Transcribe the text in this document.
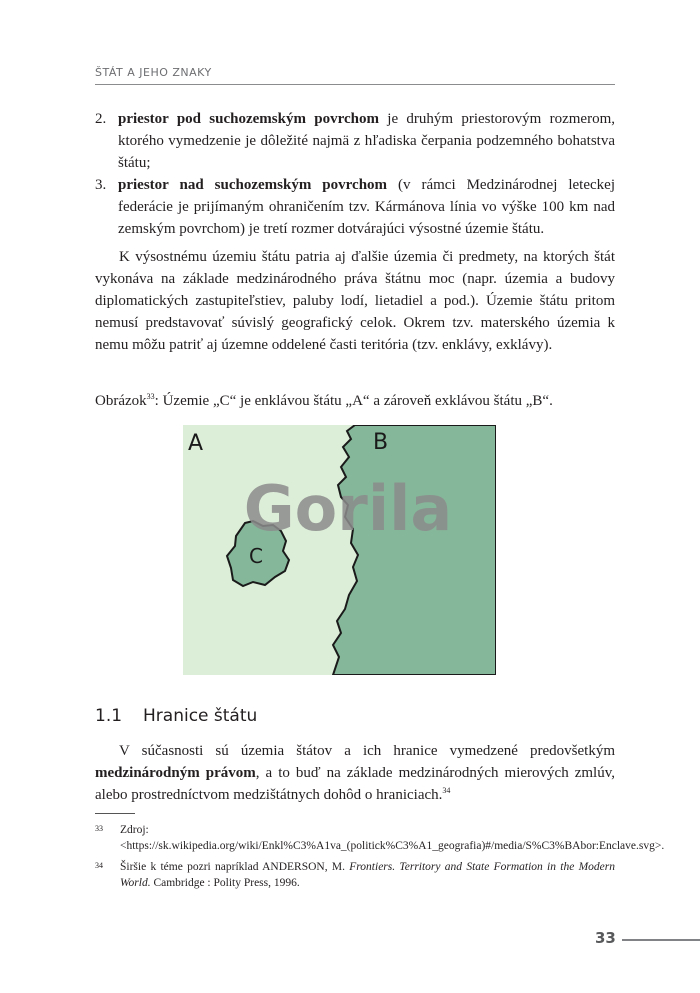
ŠTÁT A JEHO ZNAKY

2. priestor pod suchozemským povrchom je druhým priestorovým rozmerom, ktorého vymedzenie je dôležité najmä z hľadiska čerpania podzemného bohatstva štátu;

3. priestor nad suchozemským povrchom (v rámci Medzinárodnej leteckej federácie je prijímaným ohraničením tzv. Kármánova línia vo výške 100 km nad zemským povrchom) je tretí rozmer dotvárajúci výsostné územie štátu.

K výsostnému územiu štátu patria aj ďalšie územia či predmety, na ktorých štát vykonáva na základe medzinárodného práva štátnu moc (napr. územia a budovy diplomatických zastupiteľstiev, paluby lodí, lietadiel a pod.). Územie štátu pritom nemusí predstavovať súvislý geografický celok. Okrem tzv. materského územia k nemu môžu patriť aj územne oddelené časti teritória (tzv. enklávy, exklávy).

Obrázok$^{33}$: Územie „C“ je enklávou štátu „A“ a zároveň exklávou štátu „B“.
Gorila
A	B
C
1.1 Hranice štátu

V súčasnosti sú územia štátov a ich hranice vymedzené predovšetkým medzinárodným právom, a to buď na základe medzinárodných mierových zmlúv, alebo prostredníctvom medzištátnych dohôd o hraniciach.$^{34}$

33 Zdroj: <https://sk.wikipedia.org/wiki/Enkl%C3%A1va_(politick%C3%A1_geografia)#/media/S%C3%BAbor:Enclave.svg>.
34 Širšie k téme pozri napríklad ANDERSON, M. Frontiers. Territory and State Formation in the Modern World. Cambridge : Polity Press, 1996.
33
